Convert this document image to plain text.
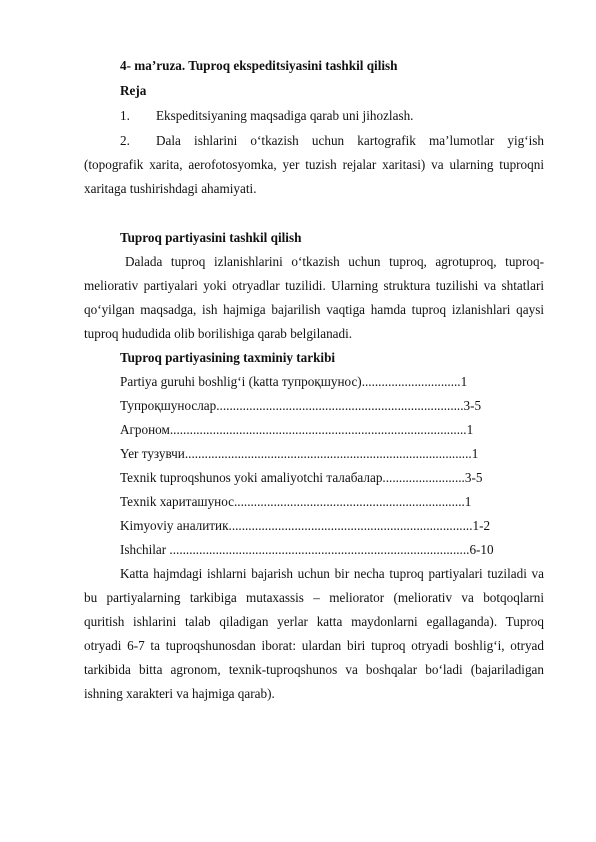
4- ma’ruza. Tuproq ekspeditsiyasini tashkil qilish
Reja
1. Ekspeditsiyaning maqsadiga qarab uni jihozlash.
2. Dala ishlarini o‘tkazish uchun kartografik ma’lumotlar yig‘ish
(topografik xarita, aerofotosyomka, yer tuzish rejalar xaritasi) va ularning tuproqni
xaritaga tushirishdagi ahamiyati.
Tuproq partiyasini tashkil qilish
Dalada tuproq izlanishlarini o‘tkazish uchun tuproq, agrotuproq, tuproq-
meliorativ partiyalari yoki otryadlar tuzilidi. Ularning struktura tuzilishi va shtatlari
qo‘yilgan maqsadga, ish hajmiga bajarilish vaqtiga hamda tuproq izlanishlari qaysi
tuproq hududida olib borilishiga qarab belgilanadi.
Tuproq partiyasining taxminiy tarkibi
Partiya guruhi boshlig‘i (katta тупроқшунос)..............................1
Тупроқшунослар...........................................................................3-5
Агроном..........................................................................................1
Yer тузувчи.......................................................................................1
Texnik tuproqshunos yoki amaliyotchi талабалар.........................3-5
Texnik хариташунос......................................................................1
Kimyoviy аналитик..........................................................................1-2
Ishchilar ...........................................................................................6-10
Katta hajmdagi ishlarni bajarish uchun bir necha tuproq partiyalari tuziladi va
bu partiyalarning tarkibiga mutaxassis – meliorator (meliorativ va botqoqlarni
quritish ishlarini talab qiladigan yerlar katta maydonlarni egallaganda). Tuproq
otryadi 6-7 ta tuproqshunosdan iborat: ulardan biri tuproq otryadi boshlig‘i, otryad
tarkibida bitta agronom, texnik-tuproqshunos va boshqalar bo‘ladi (bajariladigan
ishning xarakteri va hajmiga qarab).
